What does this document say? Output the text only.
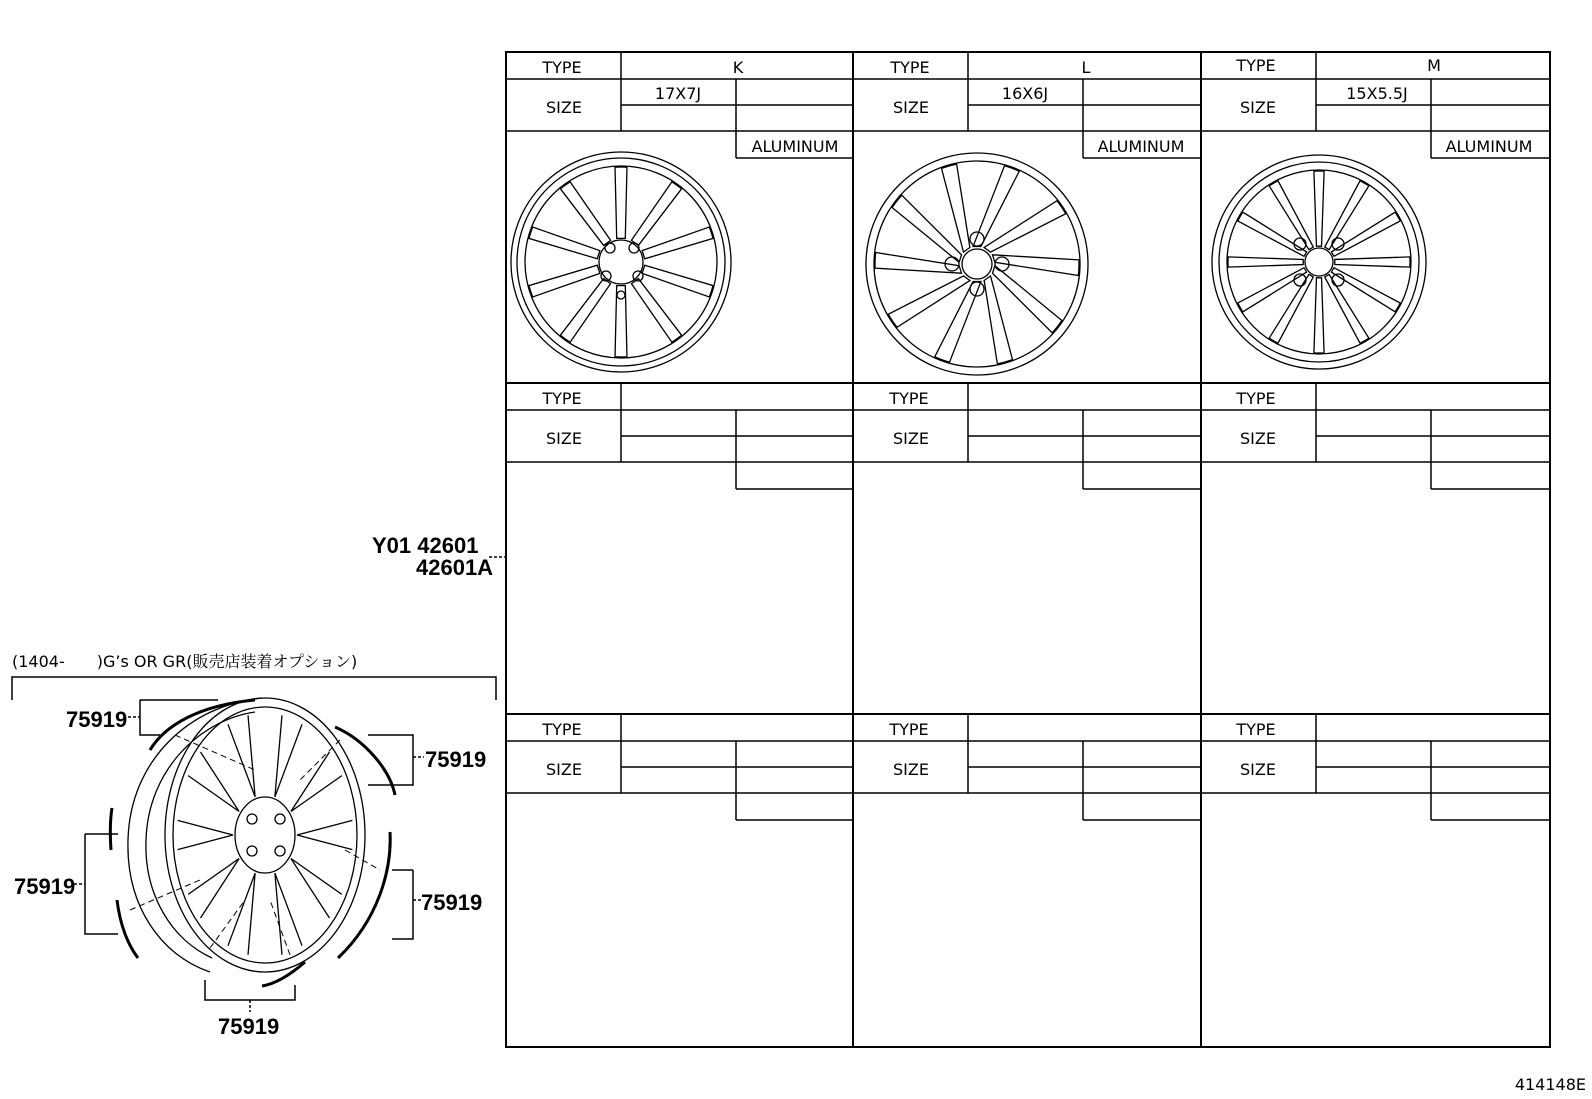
TYPE	K
SIZE
17X7J
ALUMINUM
TYPE	L
SIZE
16X6J
ALUMINUM
TYPE	M
SIZE
15X5.5J
ALUMINUM
TYPE
SIZE
TYPE
SIZE
TYPE
SIZE
TYPE
SIZE
TYPE
SIZE
TYPE
SIZE
Y01 42601
42601A
(1404-　　)G’s OR GR(販売店装着オプション)
75919
75919
75919
75919
75919
414148E
